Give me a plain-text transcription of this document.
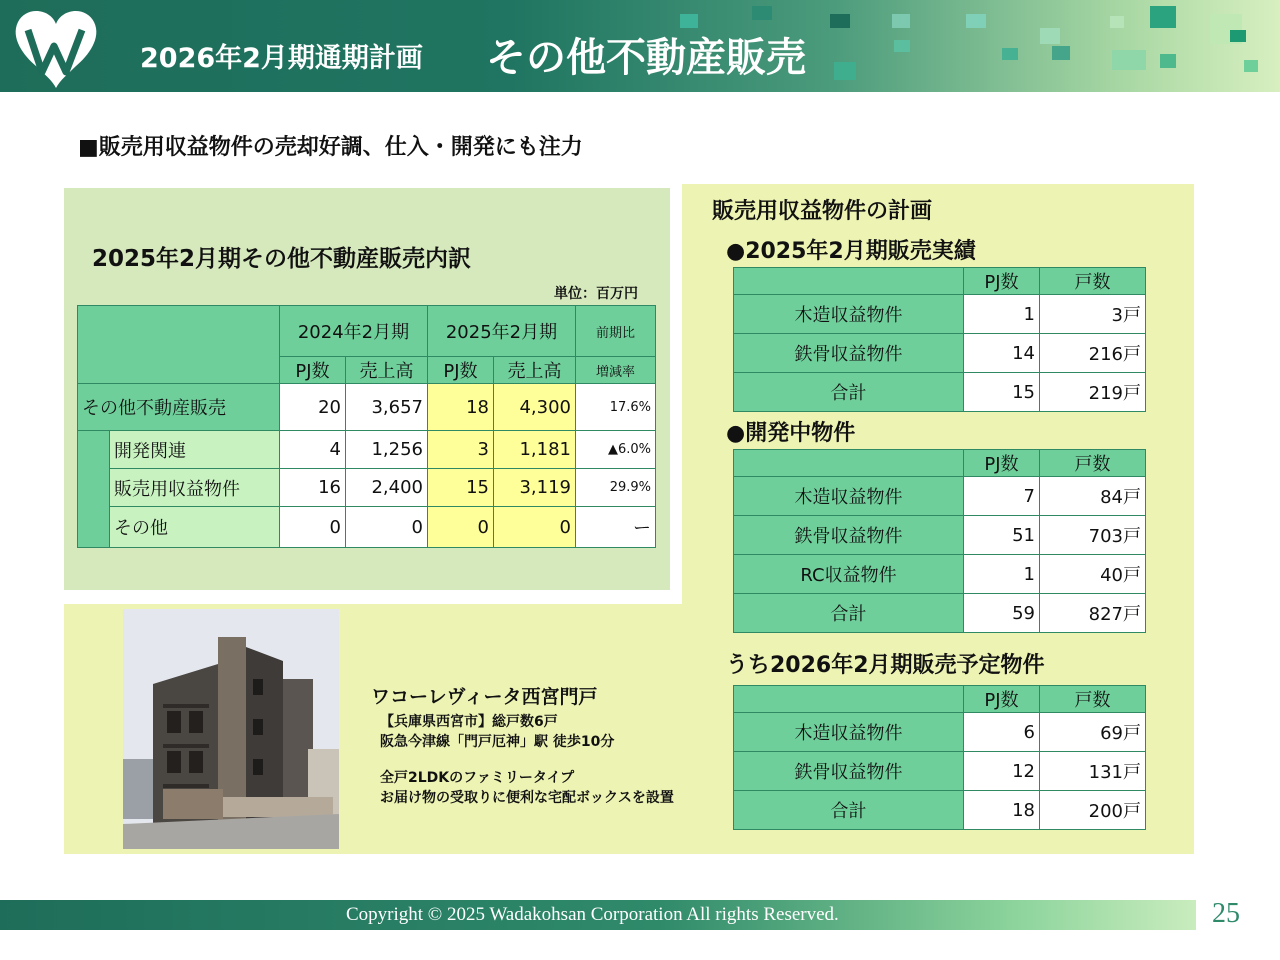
2026年2月期通期計画 その他不動産販売
■販売用収益物件の売却好調、仕入・開発にも注力
2025年2月期その他不動産販売内訳
単位：百万円
		2024年2月期		2025年2月期		前期比
		PJ数	売上高	PJ数	売上高	増減率
その他不動産販売		20	3,657	18	4,300	17.6%
	開発関連	4	1,256	3	1,181	▲6.0%
	販売用収益物件	16	2,400	15	3,119	29.9%
	その他	0	0	0	0	ー
販売用収益物件の計画
●2025年2月期販売実績
	PJ数	戸数
木造収益物件	1	3戸
鉄骨収益物件	14	216戸
合計	15	219戸
●開発中物件
	PJ数	戸数
木造収益物件	7	84戸
鉄骨収益物件	51	703戸
RC収益物件	1	40戸
合計	59	827戸
うち2026年2月期販売予定物件
	PJ数	戸数
木造収益物件	6	69戸
鉄骨収益物件	12	131戸
合計	18	200戸
ワコーレヴィータ西宮門戸
【兵庫県西宮市】総戸数6戸
阪急今津線「門戸厄神」駅 徒歩10分
全戸2LDKのファミリータイプ
お届け物の受取りに便利な宅配ボックスを設置
Copyright © 2025 Wadakohsan Corporation All rights Reserved.	25
